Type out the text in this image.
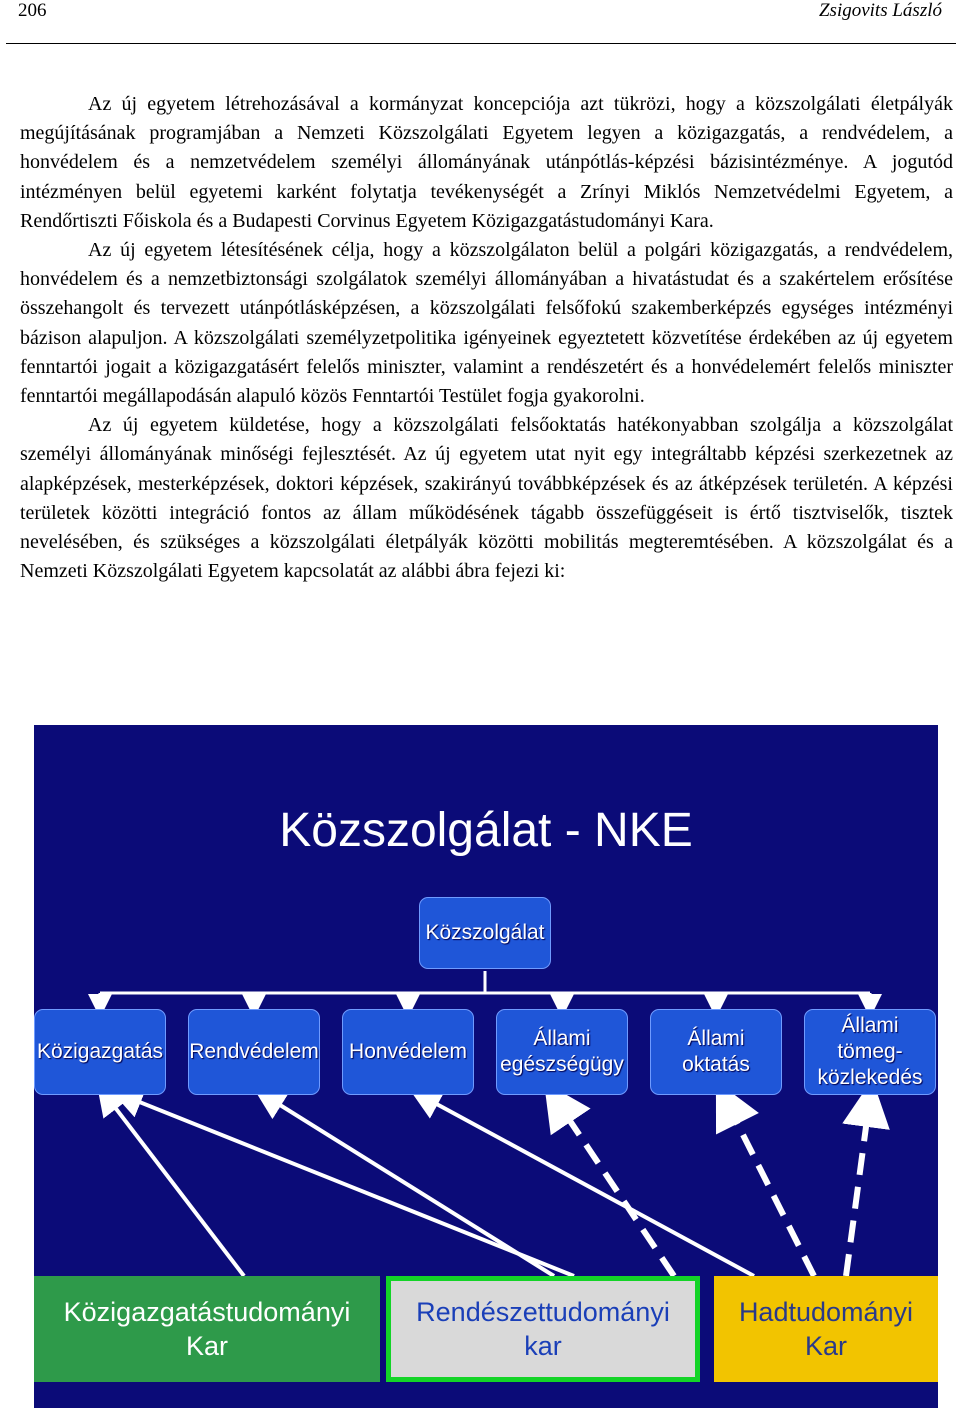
206	Zsigovits László

Az új egyetem létrehozásával a kormányzat koncepciója azt tükrözi, hogy a közszolgálati életpályák megújításának programjában a Nemzeti Közszolgálati Egyetem legyen a közigazgatás, a rendvédelem, a honvédelem és a nemzetvédelem személyi állományának utánpótlás-képzési bázisintézménye. A jogutód intézményen belül egyetemi karként folytatja tevékenységét a Zrínyi Miklós Nemzetvédelmi Egyetem, a Rendőrtiszti Főiskola és a Budapesti Corvinus Egyetem Közigazgatástudományi Kara.

Az új egyetem létesítésének célja, hogy a közszolgálaton belül a polgári közigazgatás, a rendvédelem, honvédelem és a nemzetbiztonsági szolgálatok személyi állományában a hivatástudat és a szakértelem erősítése összehangolt és tervezett utánpótlásképzésen, a közszolgálati felsőfokú szakemberképzés egységes intézményi bázison alapuljon. A közszolgálati személyzetpolitika igényeinek egyeztetett közvetítése érdekében az új egyetem fenntartói jogait a közigazgatásért felelős miniszter, valamint a rendészetért és a honvédelemért felelős miniszter fenntartói megállapodásán alapuló közös Fenntartói Testület fogja gyakorolni.

Az új egyetem küldetése, hogy a közszolgálati felsőoktatás hatékonyabban szolgálja a közszolgálat személyi állományának minőségi fejlesztését. Az új egyetem utat nyit egy integráltabb képzési szerkezetnek az alapképzések, mesterképzések, doktori képzések, szakirányú továbbképzések és az átképzések területén. A képzési területek közötti integráció fontos az állam működésének tágabb összefüggéseit is értő tisztviselők, tisztek nevelésében, és szükséges a közszolgálati életpályák közötti mobilitás megteremtésében. A közszolgálat és a Nemzeti Közszolgálati Egyetem kapcsolatát az alábbi ábra fejezi ki:

Közszolgálat - NKE
Közszolgálat
Közigazgatás Rendvédelem	Honvédelem
Állami
egészségügy
Állami
oktatás
Állami
tömeg-
közlekedés
Közigazgatástudományi
Kar
Rendészettudományi
kar
Hadtudományi
Kar
